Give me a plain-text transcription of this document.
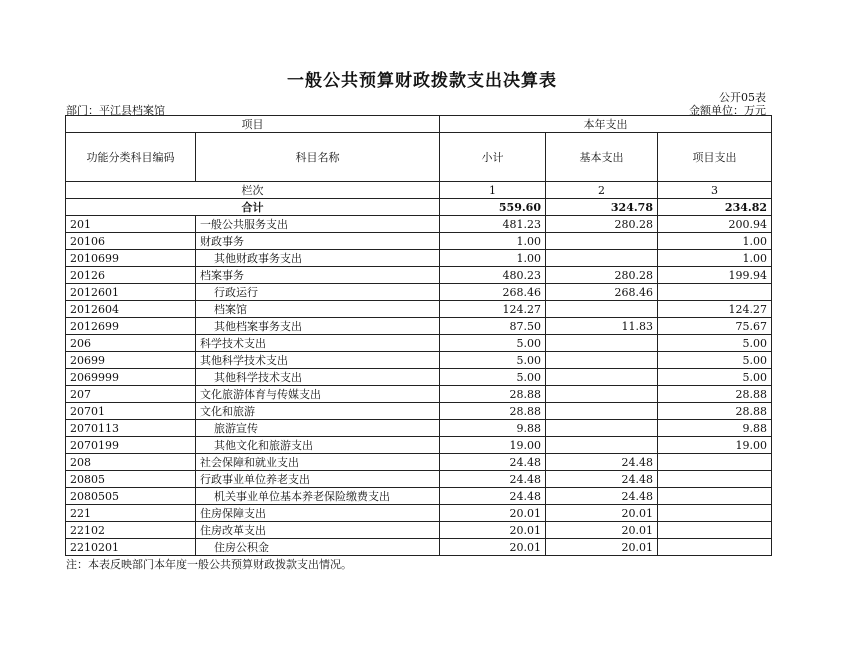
一般公共预算财政拨款支出决算表
公开05表
部门：平江县档案馆	金额单位：万元
项目		本年支出		
功能分类科目编码	科目名称	小计	基本支出	项目支出
栏次		1	2	3
合计		559.60	324.78	234.82
201	一般公共服务支出	481.23	280.28	200.94
20106	财政事务	1.00		1.00
2010699	其他财政事务支出	1.00		1.00
20126	档案事务	480.23	280.28	199.94
2012601	行政运行	268.46	268.46	
2012604	档案馆	124.27		124.27
2012699	其他档案事务支出	87.50	11.83	75.67
206	科学技术支出	5.00		5.00
20699	其他科学技术支出	5.00		5.00
2069999	其他科学技术支出	5.00		5.00
207	文化旅游体育与传媒支出	28.88		28.88
20701	文化和旅游	28.88		28.88
2070113	旅游宣传	9.88		9.88
2070199	其他文化和旅游支出	19.00		19.00
208	社会保障和就业支出	24.48	24.48	
20805	行政事业单位养老支出	24.48	24.48	
2080505	机关事业单位基本养老保险缴费支出	24.48	24.48	
221	住房保障支出	20.01	20.01	
22102	住房改革支出	20.01	20.01	
2210201	住房公积金	20.01	20.01	
注：本表反映部门本年度一般公共预算财政拨款支出情况。
